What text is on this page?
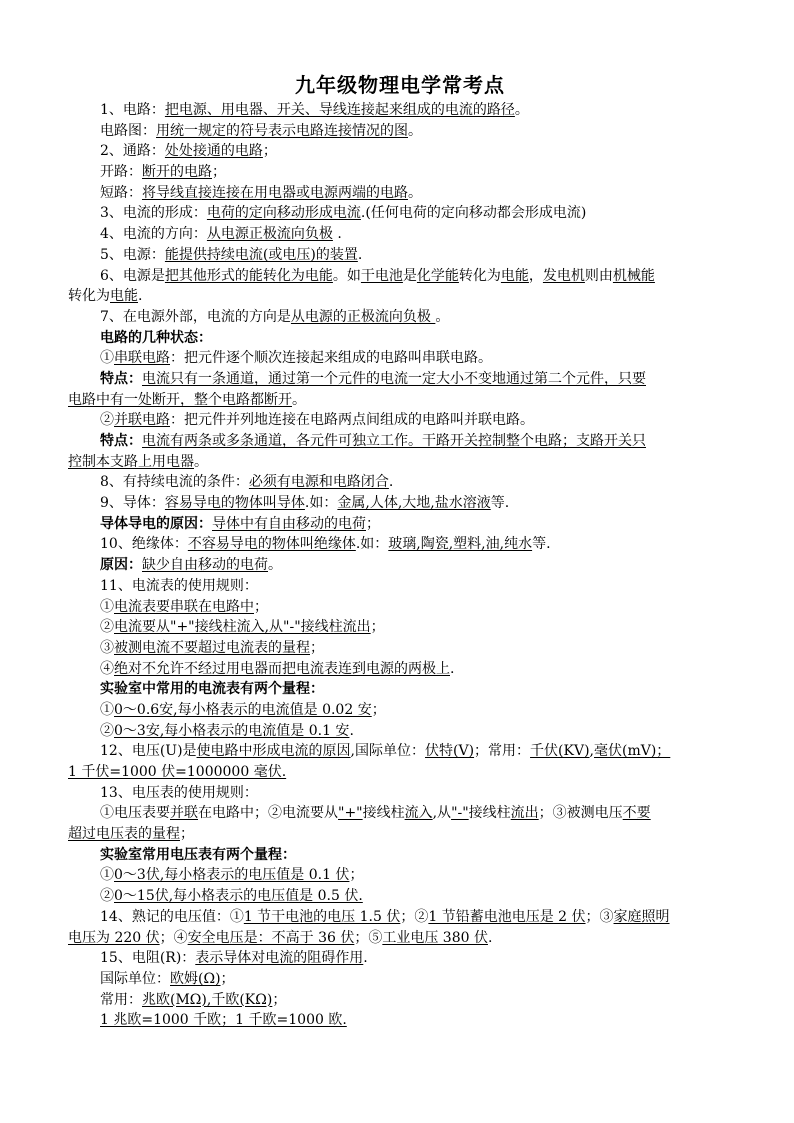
九年级物理电学常考点
1、电路：把电源、用电器、开关、导线连接起来组成的电流的路径。
电路图：用统一规定的符号表示电路连接情况的图。
2、通路：处处接通的电路；
开路：断开的电路；
短路：将导线直接连接在用电器或电源两端的电路。
3、电流的形成：电荷的定向移动形成电流.(任何电荷的定向移动都会形成电流)
4、电流的方向：从电源正极流向负极 .
5、电源：能提供持续电流(或电压)的装置.
6、电源是把其他形式的能转化为电能。如干电池是化学能转化为电能，发电机则由机械能
转化为电能.
7、在电源外部，电流的方向是从电源的正极流向负极 。
电路的几种状态：
①串联电路：把元件逐个顺次连接起来组成的电路叫串联电路。
特点：电流只有一条通道，通过第一个元件的电流一定大小不变地通过第二个元件，只要
电路中有一处断开，整个电路都断开。
②并联电路：把元件并列地连接在电路两点间组成的电路叫并联电路。
特点：电流有两条或多条通道，各元件可独立工作。干路开关控制整个电路；支路开关只
控制本支路上用电器。
8、有持续电流的条件：必须有电源和电路闭合.
9、导体：容易导电的物体叫导体.如：金属,人体,大地,盐水溶液等.
导体导电的原因：导体中有自由移动的电荷；
10、绝缘体：不容易导电的物体叫绝缘体.如：玻璃,陶瓷,塑料,油,纯水等.
原因：缺少自由移动的电荷。
11、电流表的使用规则：
①电流表要串联在电路中；
②电流要从"+"接线柱流入,从"-"接线柱流出；
③被测电流不要超过电流表的量程；
④绝对不允许不经过用电器而把电流表连到电源的两极上.
实验室中常用的电流表有两个量程：
①0～0.6安,每小格表示的电流值是 0.02 安；
②0～3安,每小格表示的电流值是 0.1 安.
12、电压(U)是使电路中形成电流的原因,国际单位：伏特(V)；常用：千伏(KV),毫伏(mV)；
1 千伏=1000 伏=1000000 毫伏.
13、电压表的使用规则：
①电压表要并联在电路中；②电流要从"+"接线柱流入,从"-"接线柱流出；③被测电压不要
超过电压表的量程；
实验室常用电压表有两个量程：
①0～3伏,每小格表示的电压值是 0.1 伏；
②0～15伏,每小格表示的电压值是 0.5 伏.
14、熟记的电压值：①1 节干电池的电压 1.5 伏；②1 节铅蓄电池电压是 2 伏；③家庭照明
电压为 220 伏；④安全电压是：不高于 36 伏；⑤工业电压 380 伏.
15、电阻(R)：表示导体对电流的阻碍作用.
国际单位：欧姆(Ω)；
常用：兆欧(MΩ),千欧(KΩ)；
1 兆欧=1000 千欧；1 千欧=1000 欧.
